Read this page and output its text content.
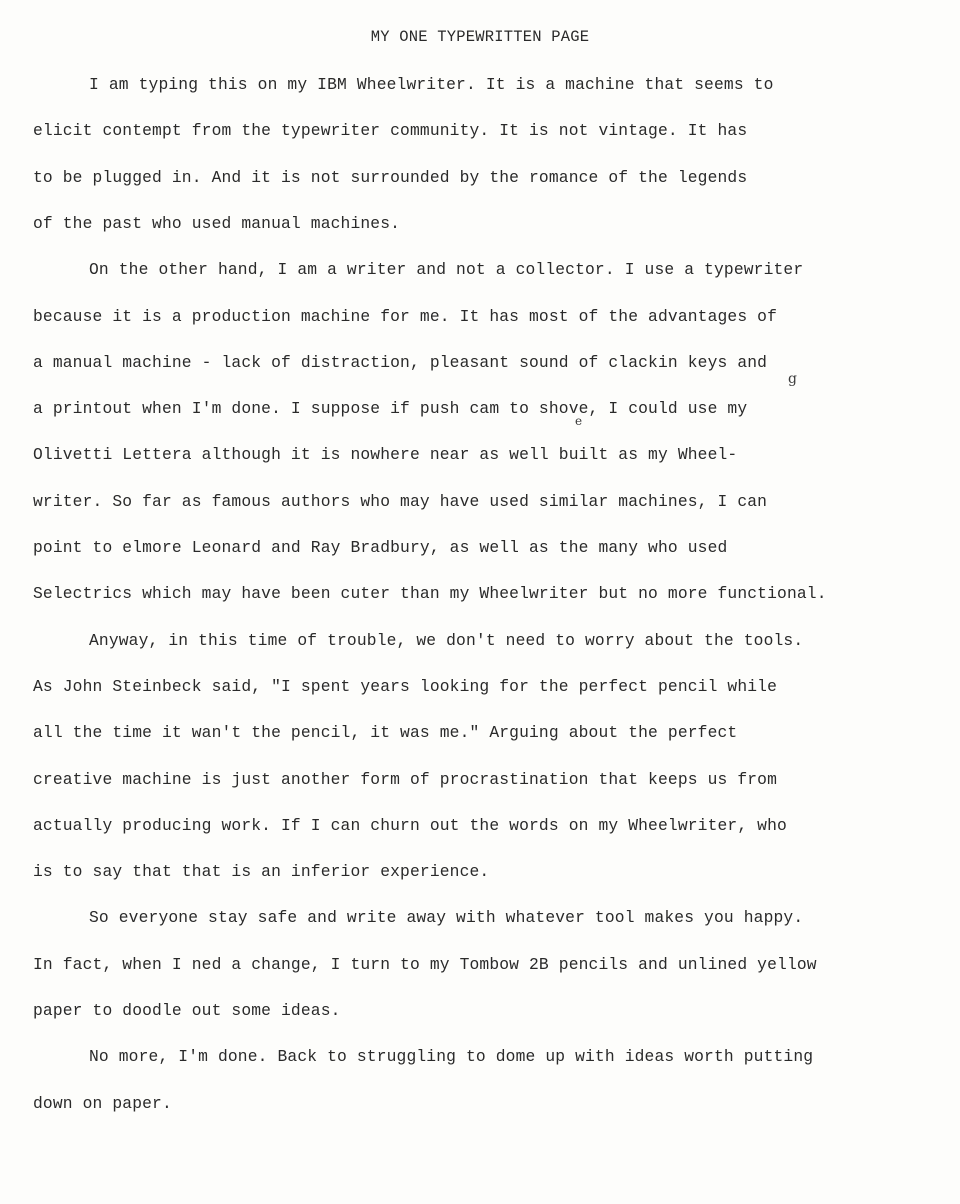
MY ONE TYPEWRITTEN PAGE

I am typing this on my IBM Wheelwriter. It is a machine that seems to

elicit contempt from the typewriter community. It is not vintage. It has

to be plugged in. And it is not surrounded by the romance of the legends

of the past who used manual machines.

On the other hand, I am a writer and not a collector. I use a typewriter

because it is a production machine for me. It has most of the advantages of

a manual machine - lack of distraction, pleasant sound of clackin keys and

a printout when I'm done. I suppose if push cam to shove, I could use my

Olivetti Lettera although it is nowhere near as well built as my Wheel-

writer. So far as famous authors who may have used similar machines, I can

point to elmore Leonard and Ray Bradbury, as well as the many who used

Selectrics which may have been cuter than my Wheelwriter but no more functional.

Anyway, in this time of trouble, we don't need to worry about the tools.

As John Steinbeck said, "I spent years looking for the perfect pencil while

all the time it wan't the pencil, it was me." Arguing about the perfect

creative machine is just another form of procrastination that keeps us from

actually producing work. If I can churn out the words on my Wheelwriter, who

is to say that that is an inferior experience.

So everyone stay safe and write away with whatever tool makes you happy.

In fact, when I ned a change, I turn to my Tombow 2B pencils and unlined yellow

paper to doodle out some ideas.

No more, I'm done. Back to struggling to dome up with ideas worth putting

down on paper.

g
e
